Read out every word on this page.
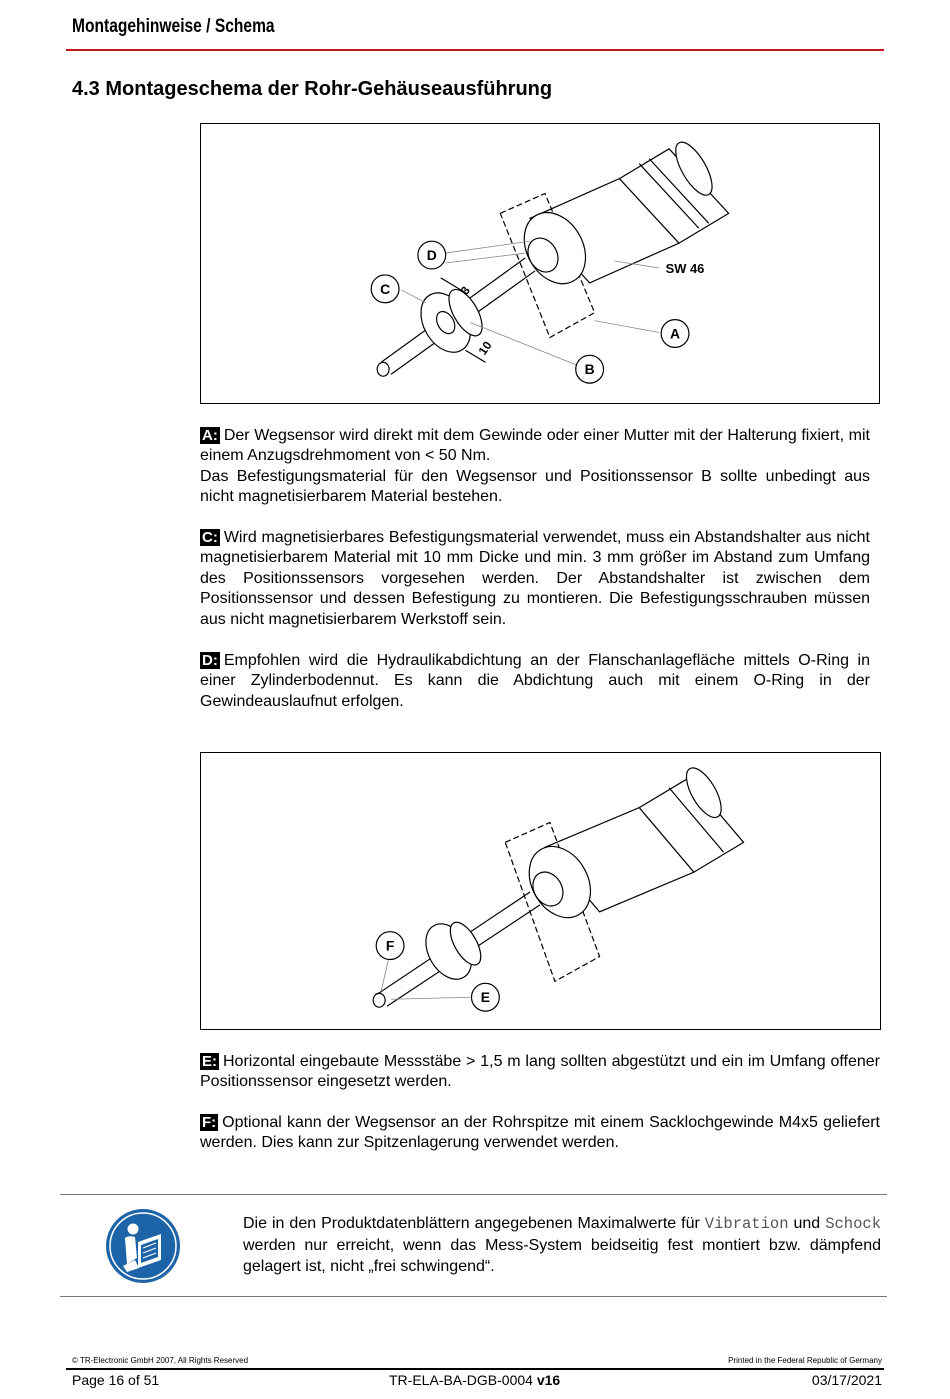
Montagehinweise / Schema
4.3 Montageschema der Rohr-Gehäuseausführung
D
C
B
A
SW 46
3
10

A: Der Wegsensor wird direkt mit dem Gewinde oder einer Mutter mit der Halterung fixiert, mit einem Anzugsdrehmoment von < 50 Nm.

Das Befestigungsmaterial für den Wegsensor und Positionssensor B sollte unbedingt aus nicht magnetisierbarem Material bestehen.

C: Wird magnetisierbares Befestigungsmaterial verwendet, muss ein Abstandshalter aus nicht magnetisierbarem Material mit 10 mm Dicke und min. 3 mm größer im Abstand zum Umfang des Positionssensors vorgesehen werden. Der Abstandshalter ist zwischen dem Positionssensor und dessen Befestigung zu montieren. Die Befestigungsschrauben müssen aus nicht magnetisierbarem Werkstoff sein.

D: Empfohlen wird die Hydraulikabdichtung an der Flanschanlagefläche mittels O-Ring in einer Zylinderbodennut. Es kann die Abdichtung auch mit einem O-Ring in der Gewindeauslaufnut erfolgen.

F
E

E: Horizontal eingebaute Messstäbe > 1,5 m lang sollten abgestützt und ein im Umfang offener Positionssensor eingesetzt werden.

F: Optional kann der Wegsensor an der Rohrspitze mit einem Sacklochgewinde M4x5 geliefert werden. Dies kann zur Spitzenlagerung verwendet werden.

Die in den Produktdatenblättern angegebenen Maximalwerte für Vibration und Schock werden nur erreicht, wenn das Mess-System beidseitig fest montiert bzw. dämpfend gelagert ist, nicht „frei schwingend“.
© TR-Electronic GmbH 2007, All Rights Reserved	Printed in the Federal Republic of Germany
Page 16 of 51	TR-ELA-BA-DGB-0004 v16	03/17/2021
